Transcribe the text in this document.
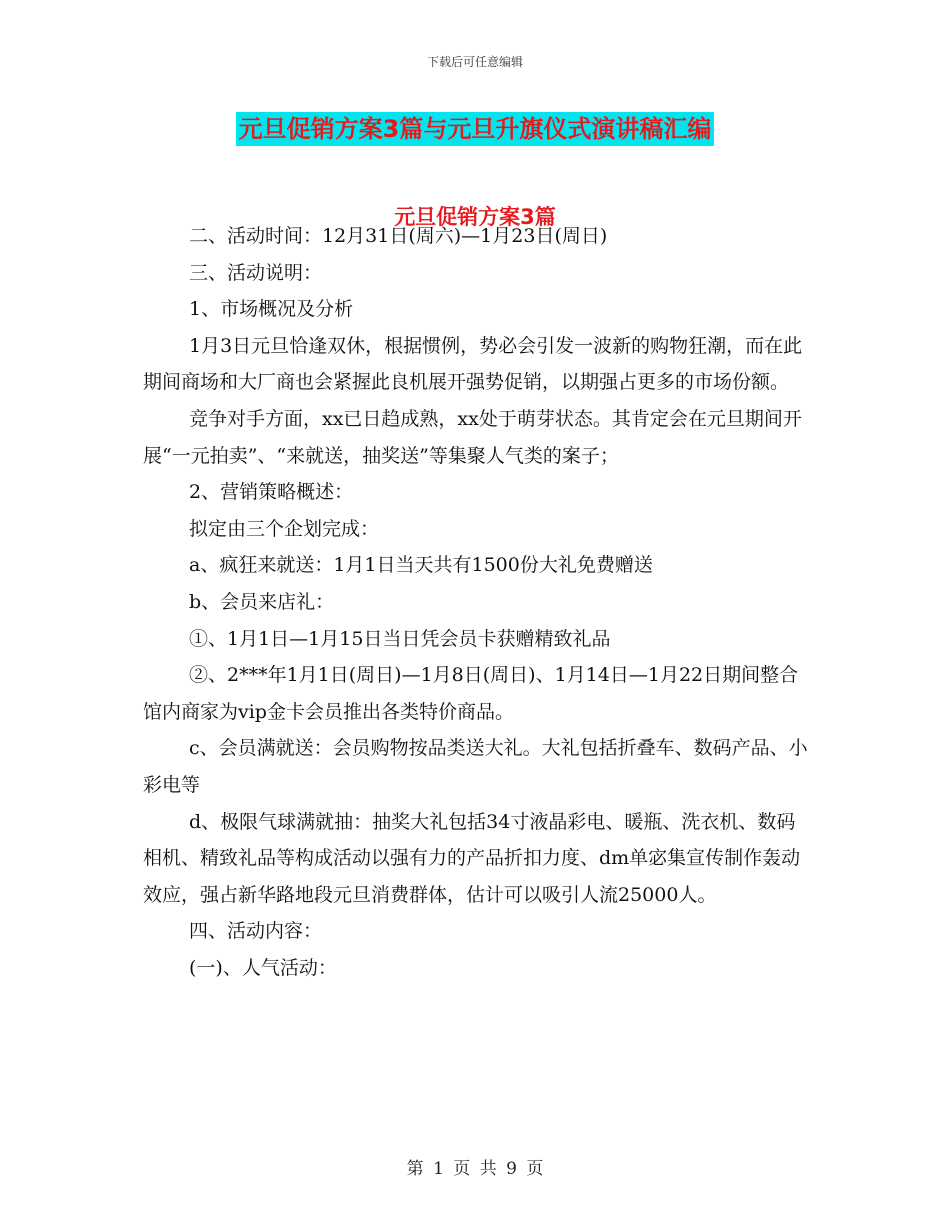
下载后可任意编辑
元旦促销方案3篇与元旦升旗仪式演讲稿汇编
元旦促销方案3篇

二、活动时间：12月31日(周六)—1月23日(周日)

三、活动说明：

1、市场概况及分析

1月3日元旦恰逢双休，根据惯例，势必会引发一波新的购物狂潮，而在此期间商场和大厂商也会紧握此良机展开强势促销，以期强占更多的市场份额。

竞争对手方面，xx已日趋成熟，xx处于萌芽状态。其肯定会在元旦期间开展“一元拍卖”、“来就送，抽奖送”等集聚人气类的案子；

2、营销策略概述：

拟定由三个企划完成：

a、疯狂来就送：1月1日当天共有1500份大礼免费赠送

b、会员来店礼：

①、1月1日—1月15日当日凭会员卡获赠精致礼品

②、2***年1月1日(周日)—1月8日(周日)、1月14日—1月22日期间整合馆内商家为vip金卡会员推出各类特价商品。

c、会员满就送：会员购物按品类送大礼。大礼包括折叠车、数码产品、小彩电等

d、极限气球满就抽：抽奖大礼包括34寸液晶彩电、暖瓶、洗衣机、数码相机、精致礼品等构成活动以强有力的产品折扣力度、dm单宓集宣传制作轰动效应，强占新华路地段元旦消费群体，估计可以吸引人流25000人。

四、活动内容：

(一)、人气活动：

第 1 页 共 9 页
